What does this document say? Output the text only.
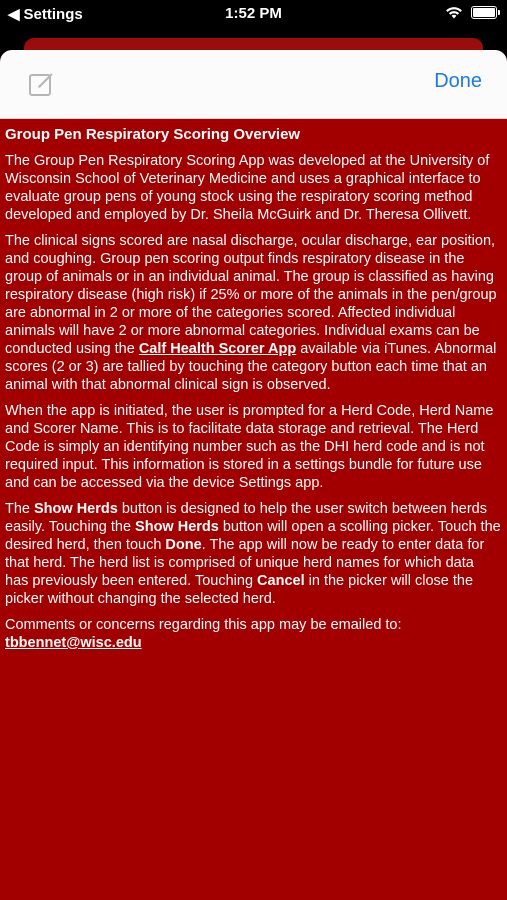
◀ Settings	1:52 PM
Done
Group Pen Respiratory Scoring Overview

The Group Pen Respiratory Scoring App was developed at the University of Wisconsin School of Veterinary Medicine and uses a graphical interface to evaluate group pens of young stock using the respiratory scoring method developed and employed by Dr. Sheila McGuirk and Dr. Theresa Ollivett.

The clinical signs scored are nasal discharge, ocular discharge, ear position, and coughing. Group pen scoring output finds respiratory disease in the group of animals or in an individual animal. The group is classified as having respiratory disease (high risk) if 25% or more of the animals in the pen/group are abnormal in 2 or more of the categories scored. Affected individual animals will have 2 or more abnormal categories. Individual exams can be conducted using the Calf Health Scorer App available via iTunes. Abnormal scores (2 or 3) are tallied by touching the category button each time that an animal with that abnormal clinical sign is observed.

When the app is initiated, the user is prompted for a Herd Code, Herd Name and Scorer Name. This is to facilitate data storage and retrieval. The Herd Code is simply an identifying number such as the DHI herd code and is not required input. This information is stored in a settings bundle for future use and can be accessed via the device Settings app.

The Show Herds button is designed to help the user switch between herds easily. Touching the Show Herds button will open a scolling picker. Touch the desired herd, then touch Done. The app will now be ready to enter data for that herd. The herd list is comprised of unique herd names for which data has previously been entered. Touching Cancel in the picker will close the picker without changing the selected herd.

Comments or concerns regarding this app may be emailed to:
tbbennet@wisc.edu
